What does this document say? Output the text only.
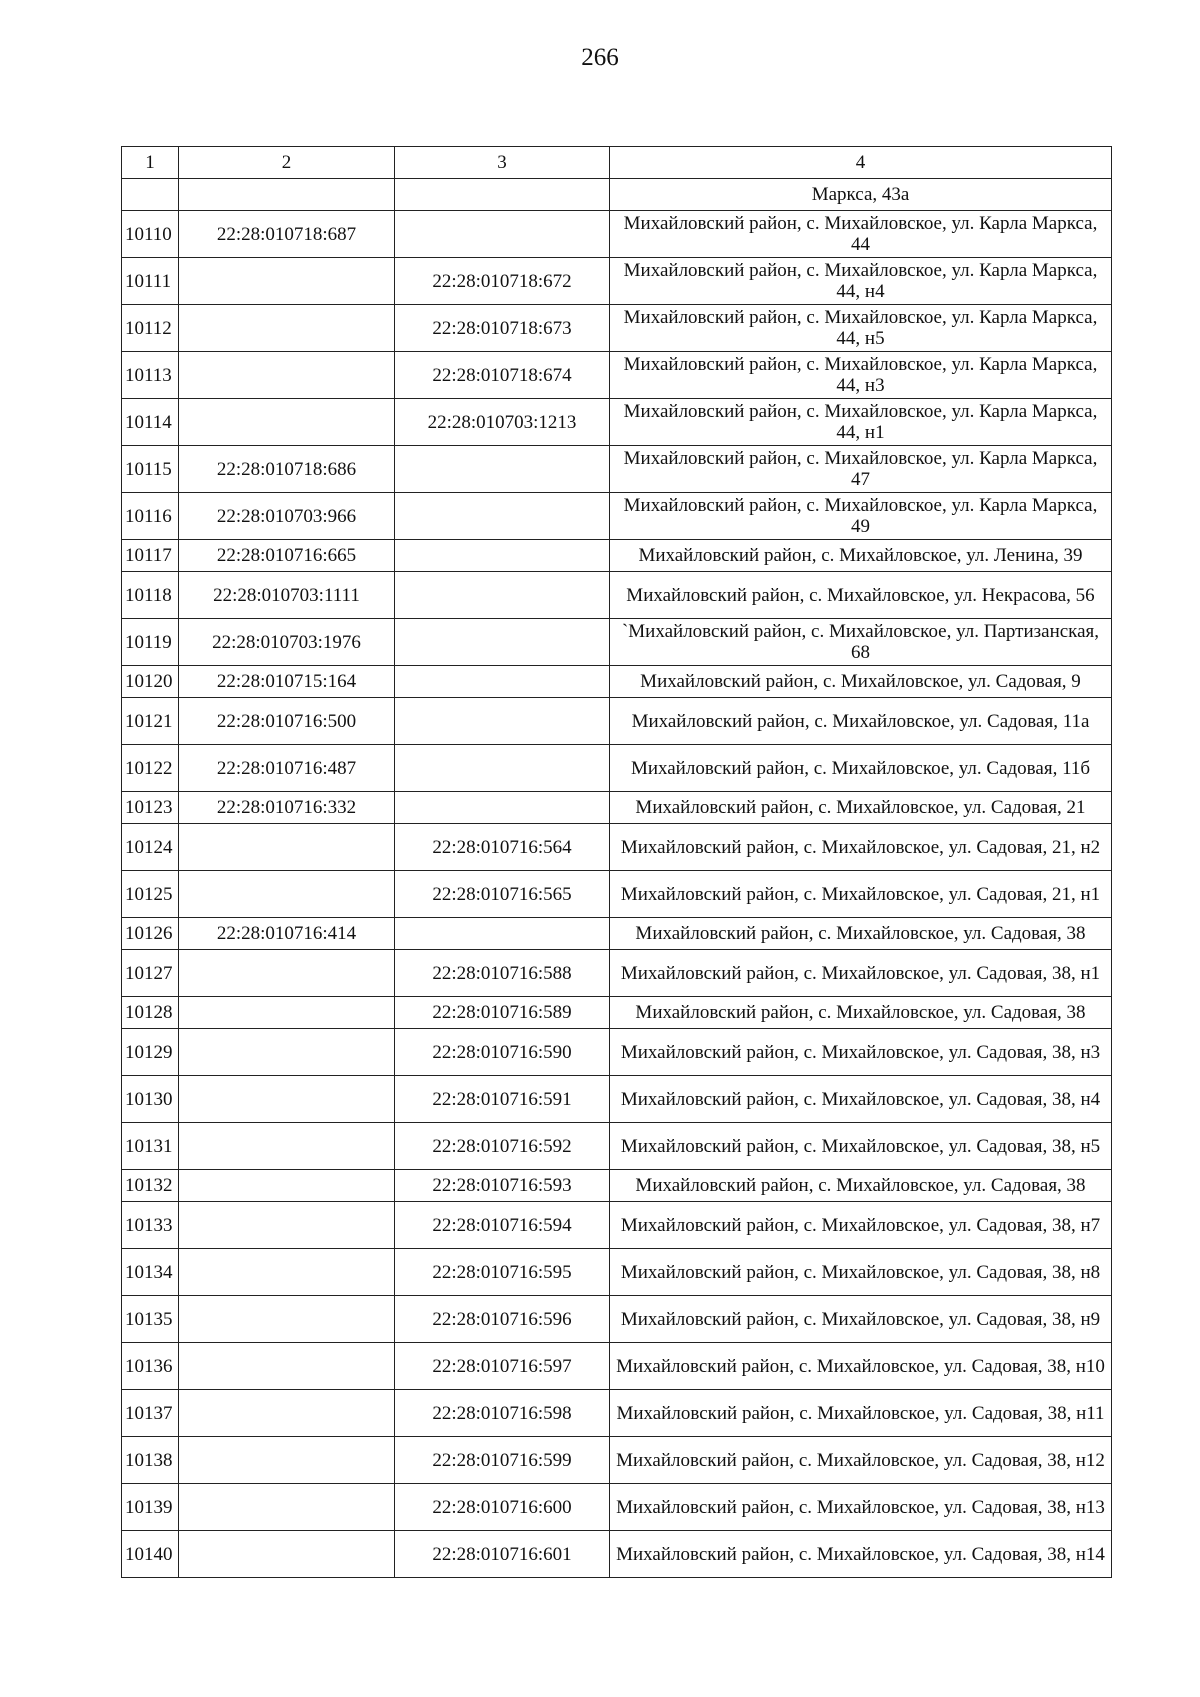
266
1	2	3	4
			Маркса, 43а
10110	22:28:010718:687		Михайловский район, с. Михайловское, ул. Карла Маркса, 44
10111		22:28:010718:672	Михайловский район, с. Михайловское, ул. Карла Маркса, 44, н4
10112		22:28:010718:673	Михайловский район, с. Михайловское, ул. Карла Маркса, 44, н5
10113		22:28:010718:674	Михайловский район, с. Михайловское, ул. Карла Маркса, 44, н3
10114		22:28:010703:1213	Михайловский район, с. Михайловское, ул. Карла Маркса, 44, н1
10115	22:28:010718:686		Михайловский район, с. Михайловское, ул. Карла Маркса, 47
10116	22:28:010703:966		Михайловский район, с. Михайловское, ул. Карла Маркса, 49
10117	22:28:010716:665		Михайловский район, с. Михайловское, ул. Ленина, 39
10118	22:28:010703:1111		Михайловский район, с. Михайловское, ул. Некрасова, 56
10119	22:28:010703:1976		`Михайловский район, с. Михайловское, ул. Партизанская, 68
10120	22:28:010715:164		Михайловский район, с. Михайловское, ул. Садовая, 9
10121	22:28:010716:500		Михайловский район, с. Михайловское, ул. Садовая, 11а
10122	22:28:010716:487		Михайловский район, с. Михайловское, ул. Садовая, 11б
10123	22:28:010716:332		Михайловский район, с. Михайловское, ул. Садовая, 21
10124		22:28:010716:564	Михайловский район, с. Михайловское, ул. Садовая, 21, н2
10125		22:28:010716:565	Михайловский район, с. Михайловское, ул. Садовая, 21, н1
10126	22:28:010716:414		Михайловский район, с. Михайловское, ул. Садовая, 38
10127		22:28:010716:588	Михайловский район, с. Михайловское, ул. Садовая, 38, н1
10128		22:28:010716:589	Михайловский район, с. Михайловское, ул. Садовая, 38
10129		22:28:010716:590	Михайловский район, с. Михайловское, ул. Садовая, 38, н3
10130		22:28:010716:591	Михайловский район, с. Михайловское, ул. Садовая, 38, н4
10131		22:28:010716:592	Михайловский район, с. Михайловское, ул. Садовая, 38, н5
10132		22:28:010716:593	Михайловский район, с. Михайловское, ул. Садовая, 38
10133		22:28:010716:594	Михайловский район, с. Михайловское, ул. Садовая, 38, н7
10134		22:28:010716:595	Михайловский район, с. Михайловское, ул. Садовая, 38, н8
10135		22:28:010716:596	Михайловский район, с. Михайловское, ул. Садовая, 38, н9
10136		22:28:010716:597	Михайловский район, с. Михайловское, ул. Садовая, 38, н10
10137		22:28:010716:598	Михайловский район, с. Михайловское, ул. Садовая, 38, н11
10138		22:28:010716:599	Михайловский район, с. Михайловское, ул. Садовая, 38, н12
10139		22:28:010716:600	Михайловский район, с. Михайловское, ул. Садовая, 38, н13
10140		22:28:010716:601	Михайловский район, с. Михайловское, ул. Садовая, 38, н14
